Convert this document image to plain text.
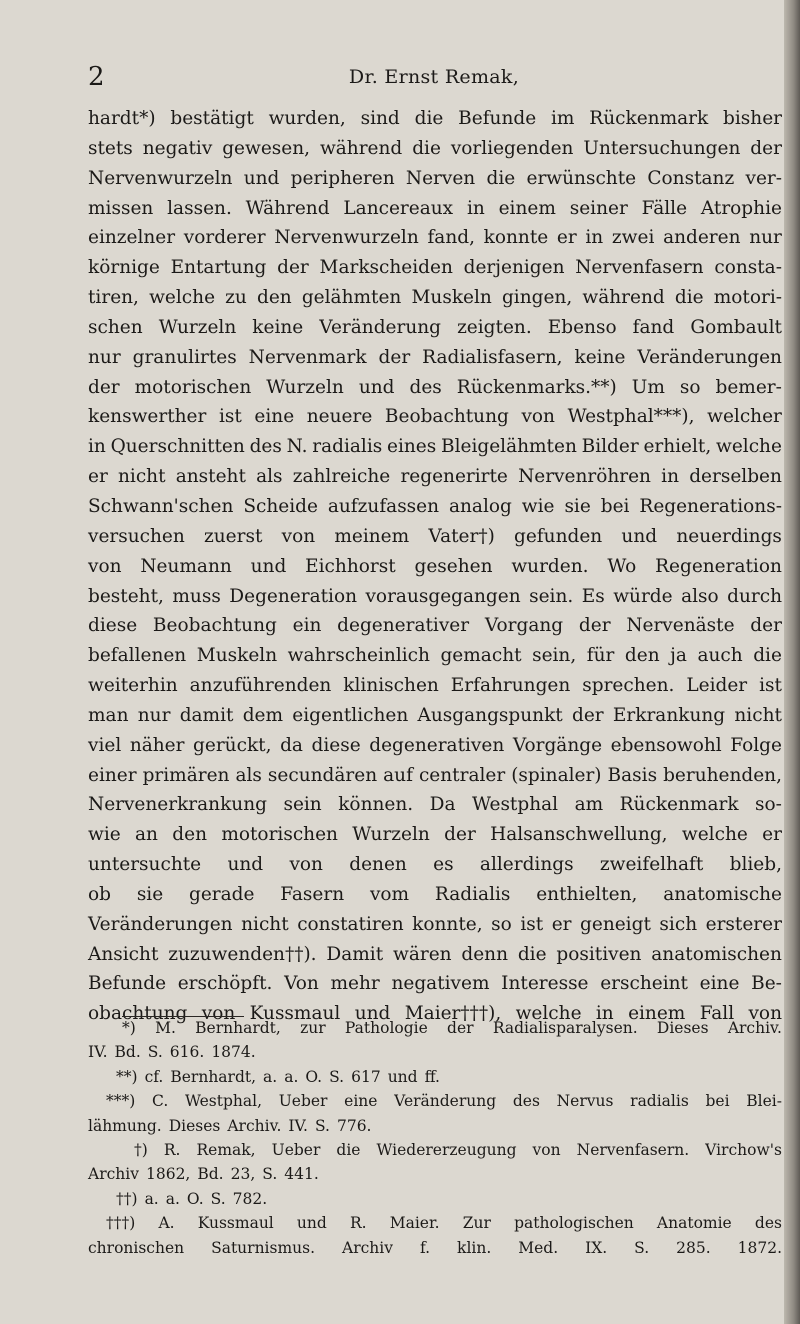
2	Dr. Ernst Remak,
hardt*) bestätigt wurden, sind die Befunde im Rückenmark bisher
stets negativ gewesen, während die vorliegenden Untersuchungen der
Nervenwurzeln und peripheren Nerven die erwünschte Constanz ver-
missen lassen. Während Lancereaux in einem seiner Fälle Atrophie
einzelner vorderer Nervenwurzeln fand, konnte er in zwei anderen nur
körnige Entartung der Markscheiden derjenigen Nervenfasern consta-
tiren, welche zu den gelähmten Muskeln gingen, während die motori-
schen Wurzeln keine Veränderung zeigten. Ebenso fand Gombault
nur granulirtes Nervenmark der Radialisfasern, keine Veränderungen
der motorischen Wurzeln und des Rückenmarks.**) Um so bemer-
kenswerther ist eine neuere Beobachtung von Westphal***), welcher
in Querschnitten des N. radialis eines Bleigelähmten Bilder erhielt, welche
er nicht ansteht als zahlreiche regenerirte Nervenröhren in derselben
Schwann'schen Scheide aufzufassen analog wie sie bei Regenerations-
versuchen zuerst von meinem Vater†) gefunden und neuerdings
von Neumann und Eichhorst gesehen wurden. Wo Regeneration
besteht, muss Degeneration vorausgegangen sein. Es würde also durch
diese Beobachtung ein degenerativer Vorgang der Nervenäste der
befallenen Muskeln wahrscheinlich gemacht sein, für den ja auch die
weiterhin anzuführenden klinischen Erfahrungen sprechen. Leider ist
man nur damit dem eigentlichen Ausgangspunkt der Erkrankung nicht
viel näher gerückt, da diese degenerativen Vorgänge ebensowohl Folge
einer primären als secundären auf centraler (spinaler) Basis beruhenden,
Nervenerkrankung sein können. Da Westphal am Rückenmark so-
wie an den motorischen Wurzeln der Halsanschwellung, welche er
untersuchte und von denen es allerdings zweifelhaft blieb,
ob sie gerade Fasern vom Radialis enthielten, anatomische
Veränderungen nicht constatiren konnte, so ist er geneigt sich ersterer
Ansicht zuzuwenden††). Damit wären denn die positiven anatomischen
Befunde erschöpft. Von mehr negativem Interesse erscheint eine Be-
obachtung von Kussmaul und Maier†††), welche in einem Fall von
*) M. Bernhardt, zur Pathologie der Radialisparalysen. Dieses Archiv.
IV. Bd. S. 616. 1874.
**) cf. Bernhardt, a. a. O. S. 617 und ff.
***) C. Westphal, Ueber eine Veränderung des Nervus radialis bei Blei-
lähmung. Dieses Archiv. IV. S. 776.
†) R. Remak, Ueber die Wiedererzeugung von Nervenfasern. Virchow's
Archiv 1862, Bd. 23, S. 441.
††) a. a. O. S. 782.
†††) A. Kussmaul und R. Maier. Zur pathologischen Anatomie des
chronischen Saturnismus. Archiv f. klin. Med. IX. S. 285. 1872.
